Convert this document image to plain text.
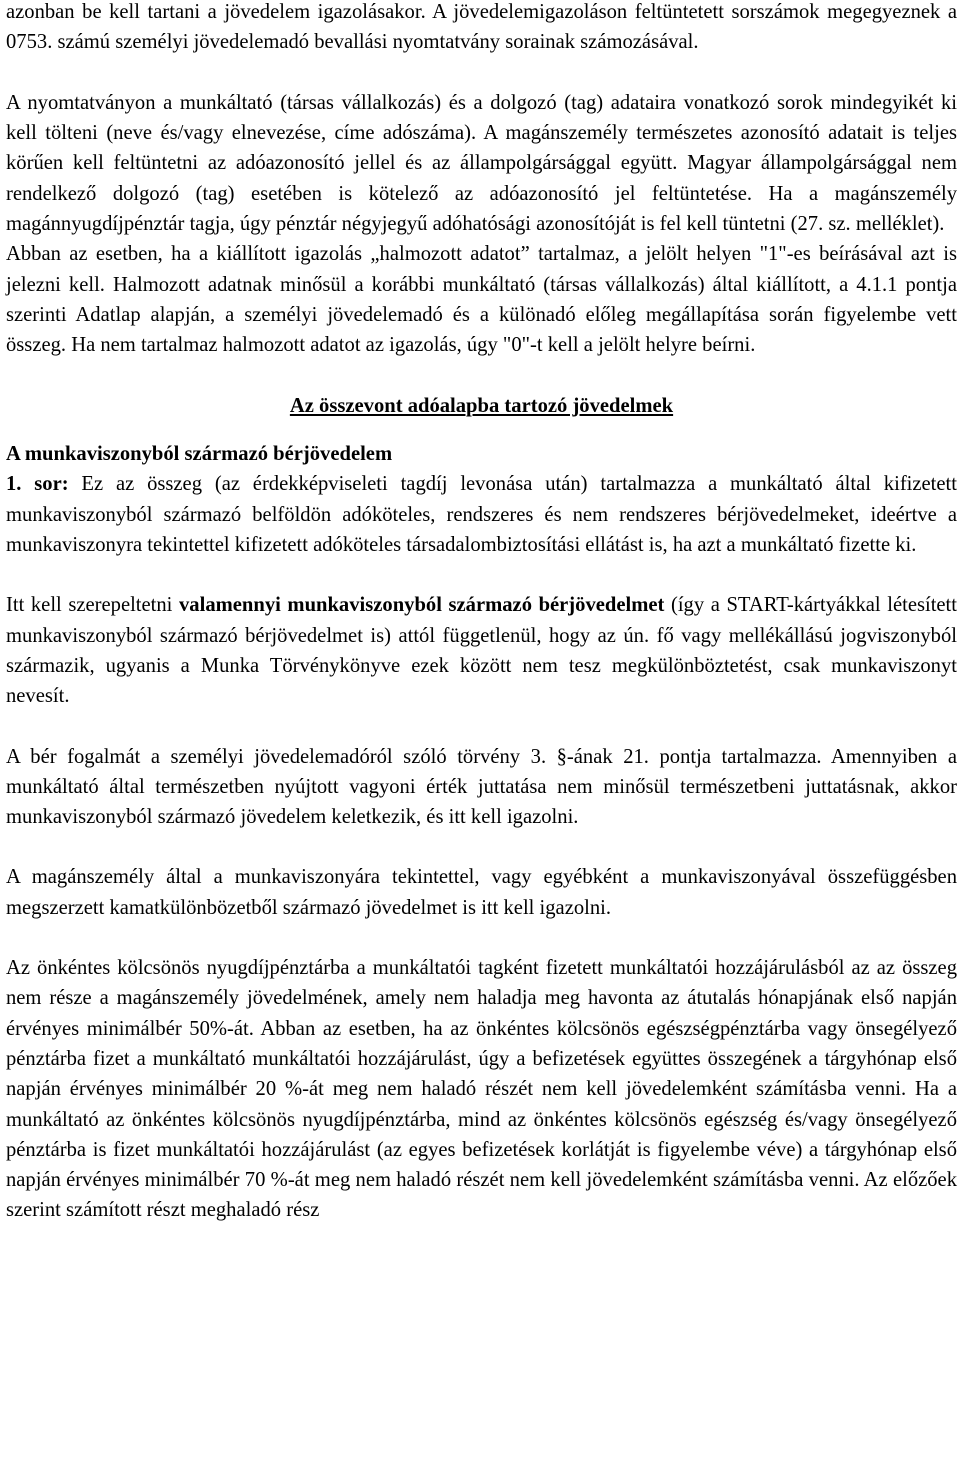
azonban be kell tartani a jövedelem igazolásakor. A jövedelemigazoláson feltüntetett sorszámok megegyeznek a 0753. számú személyi jövedelemadó bevallási nyomtatvány sorainak számozásával.

A nyomtatványon a munkáltató (társas vállalkozás) és a dolgozó (tag) adataira vonatkozó sorok mindegyikét ki kell tölteni (neve és/vagy elnevezése, címe adószáma). A magánszemély természetes azonosító adatait is teljes körűen kell feltüntetni az adóazonosító jellel és az állampolgársággal együtt. Magyar állampolgársággal nem rendelkező dolgozó (tag) esetében is kötelező az adóazonosító jel feltüntetése. Ha a magánszemély magánnyugdíjpénztár tagja, úgy pénztár négyjegyű adóhatósági azonosítóját is fel kell tüntetni (27. sz. melléklet).

Abban az esetben, ha a kiállított igazolás „halmozott adatot” tartalmaz, a jelölt helyen "1"-es beírásával azt is jelezni kell. Halmozott adatnak minősül a korábbi munkáltató (társas vállalkozás) által kiállított, a 4.1.1 pontja szerinti Adatlap alapján, a személyi jövedelemadó és a különadó előleg megállapítása során figyelembe vett összeg. Ha nem tartalmaz halmozott adatot az igazolás, úgy "0"-t kell a jelölt helyre beírni.

Az összevont adóalapba tartozó jövedelmek

A munkaviszonyból származó bérjövedelem

1. sor: Ez az összeg (az érdekképviseleti tagdíj levonása után) tartalmazza a munkáltató által kifizetett munkaviszonyból származó belföldön adóköteles, rendszeres és nem rendszeres bérjövedelmeket, ideértve a munkaviszonyra tekintettel kifizetett adóköteles társadalombiztosítási ellátást is, ha azt a munkáltató fizette ki.

Itt kell szerepeltetni valamennyi munkaviszonyból származó bérjövedelmet (így a START-kártyákkal létesített munkaviszonyból származó bérjövedelmet is) attól függetlenül, hogy az ún. fő vagy mellékállású jogviszonyból származik, ugyanis a Munka Törvénykönyve ezek között nem tesz megkülönböztetést, csak munkaviszonyt nevesít.

A bér fogalmát a személyi jövedelemadóról szóló törvény 3. §-ának 21. pontja tartalmazza. Amennyiben a munkáltató által természetben nyújtott vagyoni érték juttatása nem minősül természetbeni juttatásnak, akkor munkaviszonyból származó jövedelem keletkezik, és itt kell igazolni.

A magánszemély által a munkaviszonyára tekintettel, vagy egyébként a munkaviszonyával összefüggésben megszerzett kamatkülönbözetből származó jövedelmet is itt kell igazolni.

Az önkéntes kölcsönös nyugdíjpénztárba a munkáltatói tagként fizetett munkáltatói hozzájárulásból az az összeg nem része a magánszemély jövedelmének, amely nem haladja meg havonta az átutalás hónapjának első napján érvényes minimálbér 50%-át. Abban az esetben, ha az önkéntes kölcsönös egészségpénztárba vagy önsegélyező pénztárba fizet a munkáltató munkáltatói hozzájárulást, úgy a befizetések együttes összegének a tárgyhónap első napján érvényes minimálbér 20 %-át meg nem haladó részét nem kell jövedelemként számításba venni. Ha a munkáltató az önkéntes kölcsönös nyugdíjpénztárba, mind az önkéntes kölcsönös egészség és/vagy önsegélyező pénztárba is fizet munkáltatói hozzájárulást (az egyes befizetések korlátját is figyelembe véve) a tárgyhónap első napján érvényes minimálbér 70 %-át meg nem haladó részét nem kell jövedelemként számításba venni. Az előzőek szerint számított részt meghaladó rész
